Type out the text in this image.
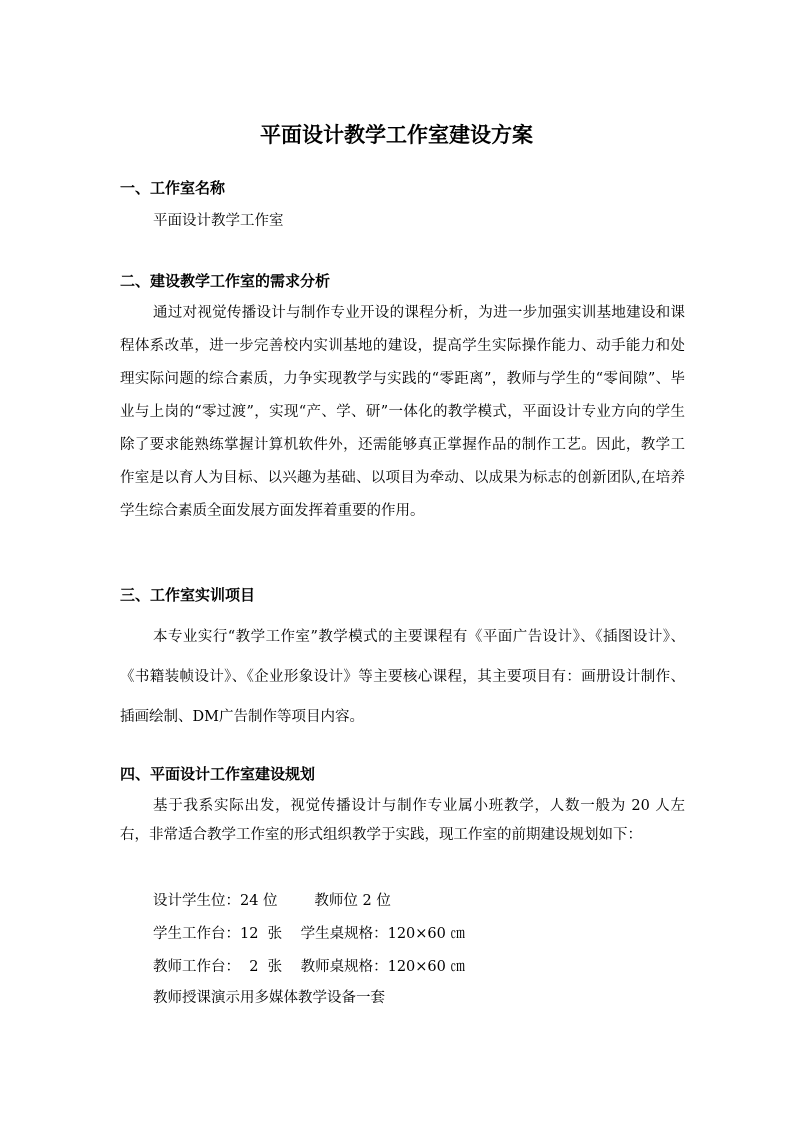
平面设计教学工作室建设方案
一、工作室名称

平面设计教学工作室

二、建设教学工作室的需求分析

通过对视觉传播设计与制作专业开设的课程分析，为进一步加强实训基地建设和课程体系改革，进一步完善校内实训基地的建设，提高学生实际操作能力、动手能力和处理实际问题的综合素质，力争实现教学与实践的“零距离”，教师与学生的“零间隙”、毕业与上岗的“零过渡”，实现“产、学、研”一体化的教学模式，平面设计专业方向的学生除了要求能熟练掌握计算机软件外，还需能够真正掌握作品的制作工艺。因此，教学工作室是以育人为目标、以兴趣为基础、以项目为牵动、以成果为标志的创新团队,在培养学生综合素质全面发展方面发挥着重要的作用。

三、工作室实训项目

本专业实行“教学工作室”教学模式的主要课程有《平面广告设计》、《插图设计》、《书籍装帧设计》、《企业形象设计》等主要核心课程，其主要项目有：画册设计制作、插画绘制、DM广告制作等项目内容。

四、平面设计工作室建设规划

基于我系实际出发，视觉传播设计与制作专业属小班教学，人数一般为 20 人左右，非常适合教学工作室的形式组织教学于实践，现工作室的前期建设规划如下：

设计学生位：24 位        教师位 2 位

学生工作台：12  张    学生桌规格：120×60 ㎝

教师工作台：  2  张    教师桌规格：120×60 ㎝

教师授课演示用多媒体教学设备一套
